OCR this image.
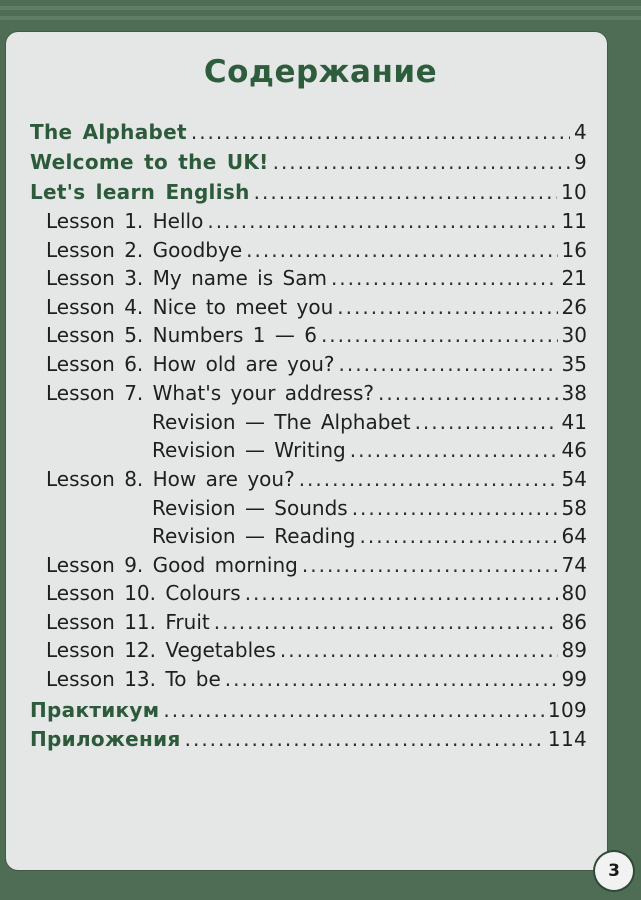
Содержание
The Alphabet .....	4
Welcome to the UK! .....	9
Let's learn English .....	10
Lesson 1. Hello .....	11
Lesson 2. Goodbye .....	16
Lesson 3. My name is Sam .....	21
Lesson 4. Nice to meet you .....	26
Lesson 5. Numbers 1 — 6 .....	30
Lesson 6. How old are you? .....	35
Lesson 7. What's your address? .....	38
Revision — The Alphabet .....	41
Revision — Writing .....	46
Lesson 8. How are you? .....	54
Revision — Sounds .....	58
Revision — Reading .....	64
Lesson 9. Good morning .....	74
Lesson 10. Colours .....	80
Lesson 11. Fruit .....	86
Lesson 12. Vegetables .....	89
Lesson 13. To be .....	99
Практикум .....	109
Приложения .....	114
3
